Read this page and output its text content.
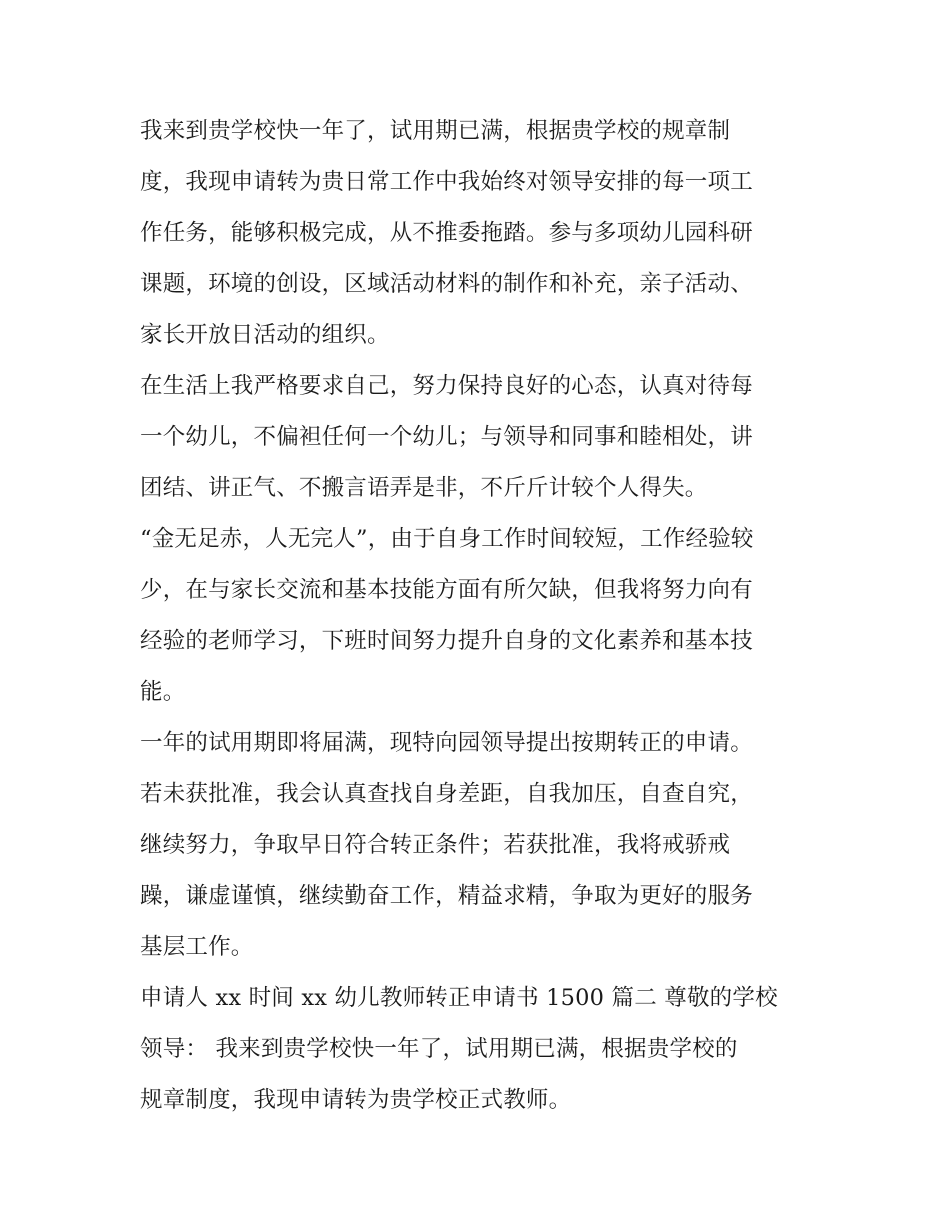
我来到贵学校快一年了，试用期已满，根据贵学校的规章制
度，我现申请转为贵日常工作中我始终对领导安排的每一项工
作任务，能够积极完成，从不推委拖踏。参与多项幼儿园科研
课题，环境的创设，区域活动材料的制作和补充，亲子活动、
家长开放日活动的组织。
在生活上我严格要求自己，努力保持良好的心态，认真对待每
一个幼儿，不偏袒任何一个幼儿；与领导和同事和睦相处，讲
团结、讲正气、不搬言语弄是非，不斤斤计较个人得失。
“金无足赤，人无完人”，由于自身工作时间较短，工作经验较
少，在与家长交流和基本技能方面有所欠缺，但我将努力向有
经验的老师学习，下班时间努力提升自身的文化素养和基本技
能。
一年的试用期即将届满，现特向园领导提出按期转正的申请。
若未获批准，我会认真查找自身差距，自我加压，自查自究，
继续努力，争取早日符合转正条件；若获批准，我将戒骄戒
躁，谦虚谨慎，继续勤奋工作，精益求精，争取为更好的服务
基层工作。
申请人 xx 时间 xx 幼儿教师转正申请书 1500 篇二 尊敬的学校
领导： 我来到贵学校快一年了，试用期已满，根据贵学校的
规章制度，我现申请转为贵学校正式教师。
